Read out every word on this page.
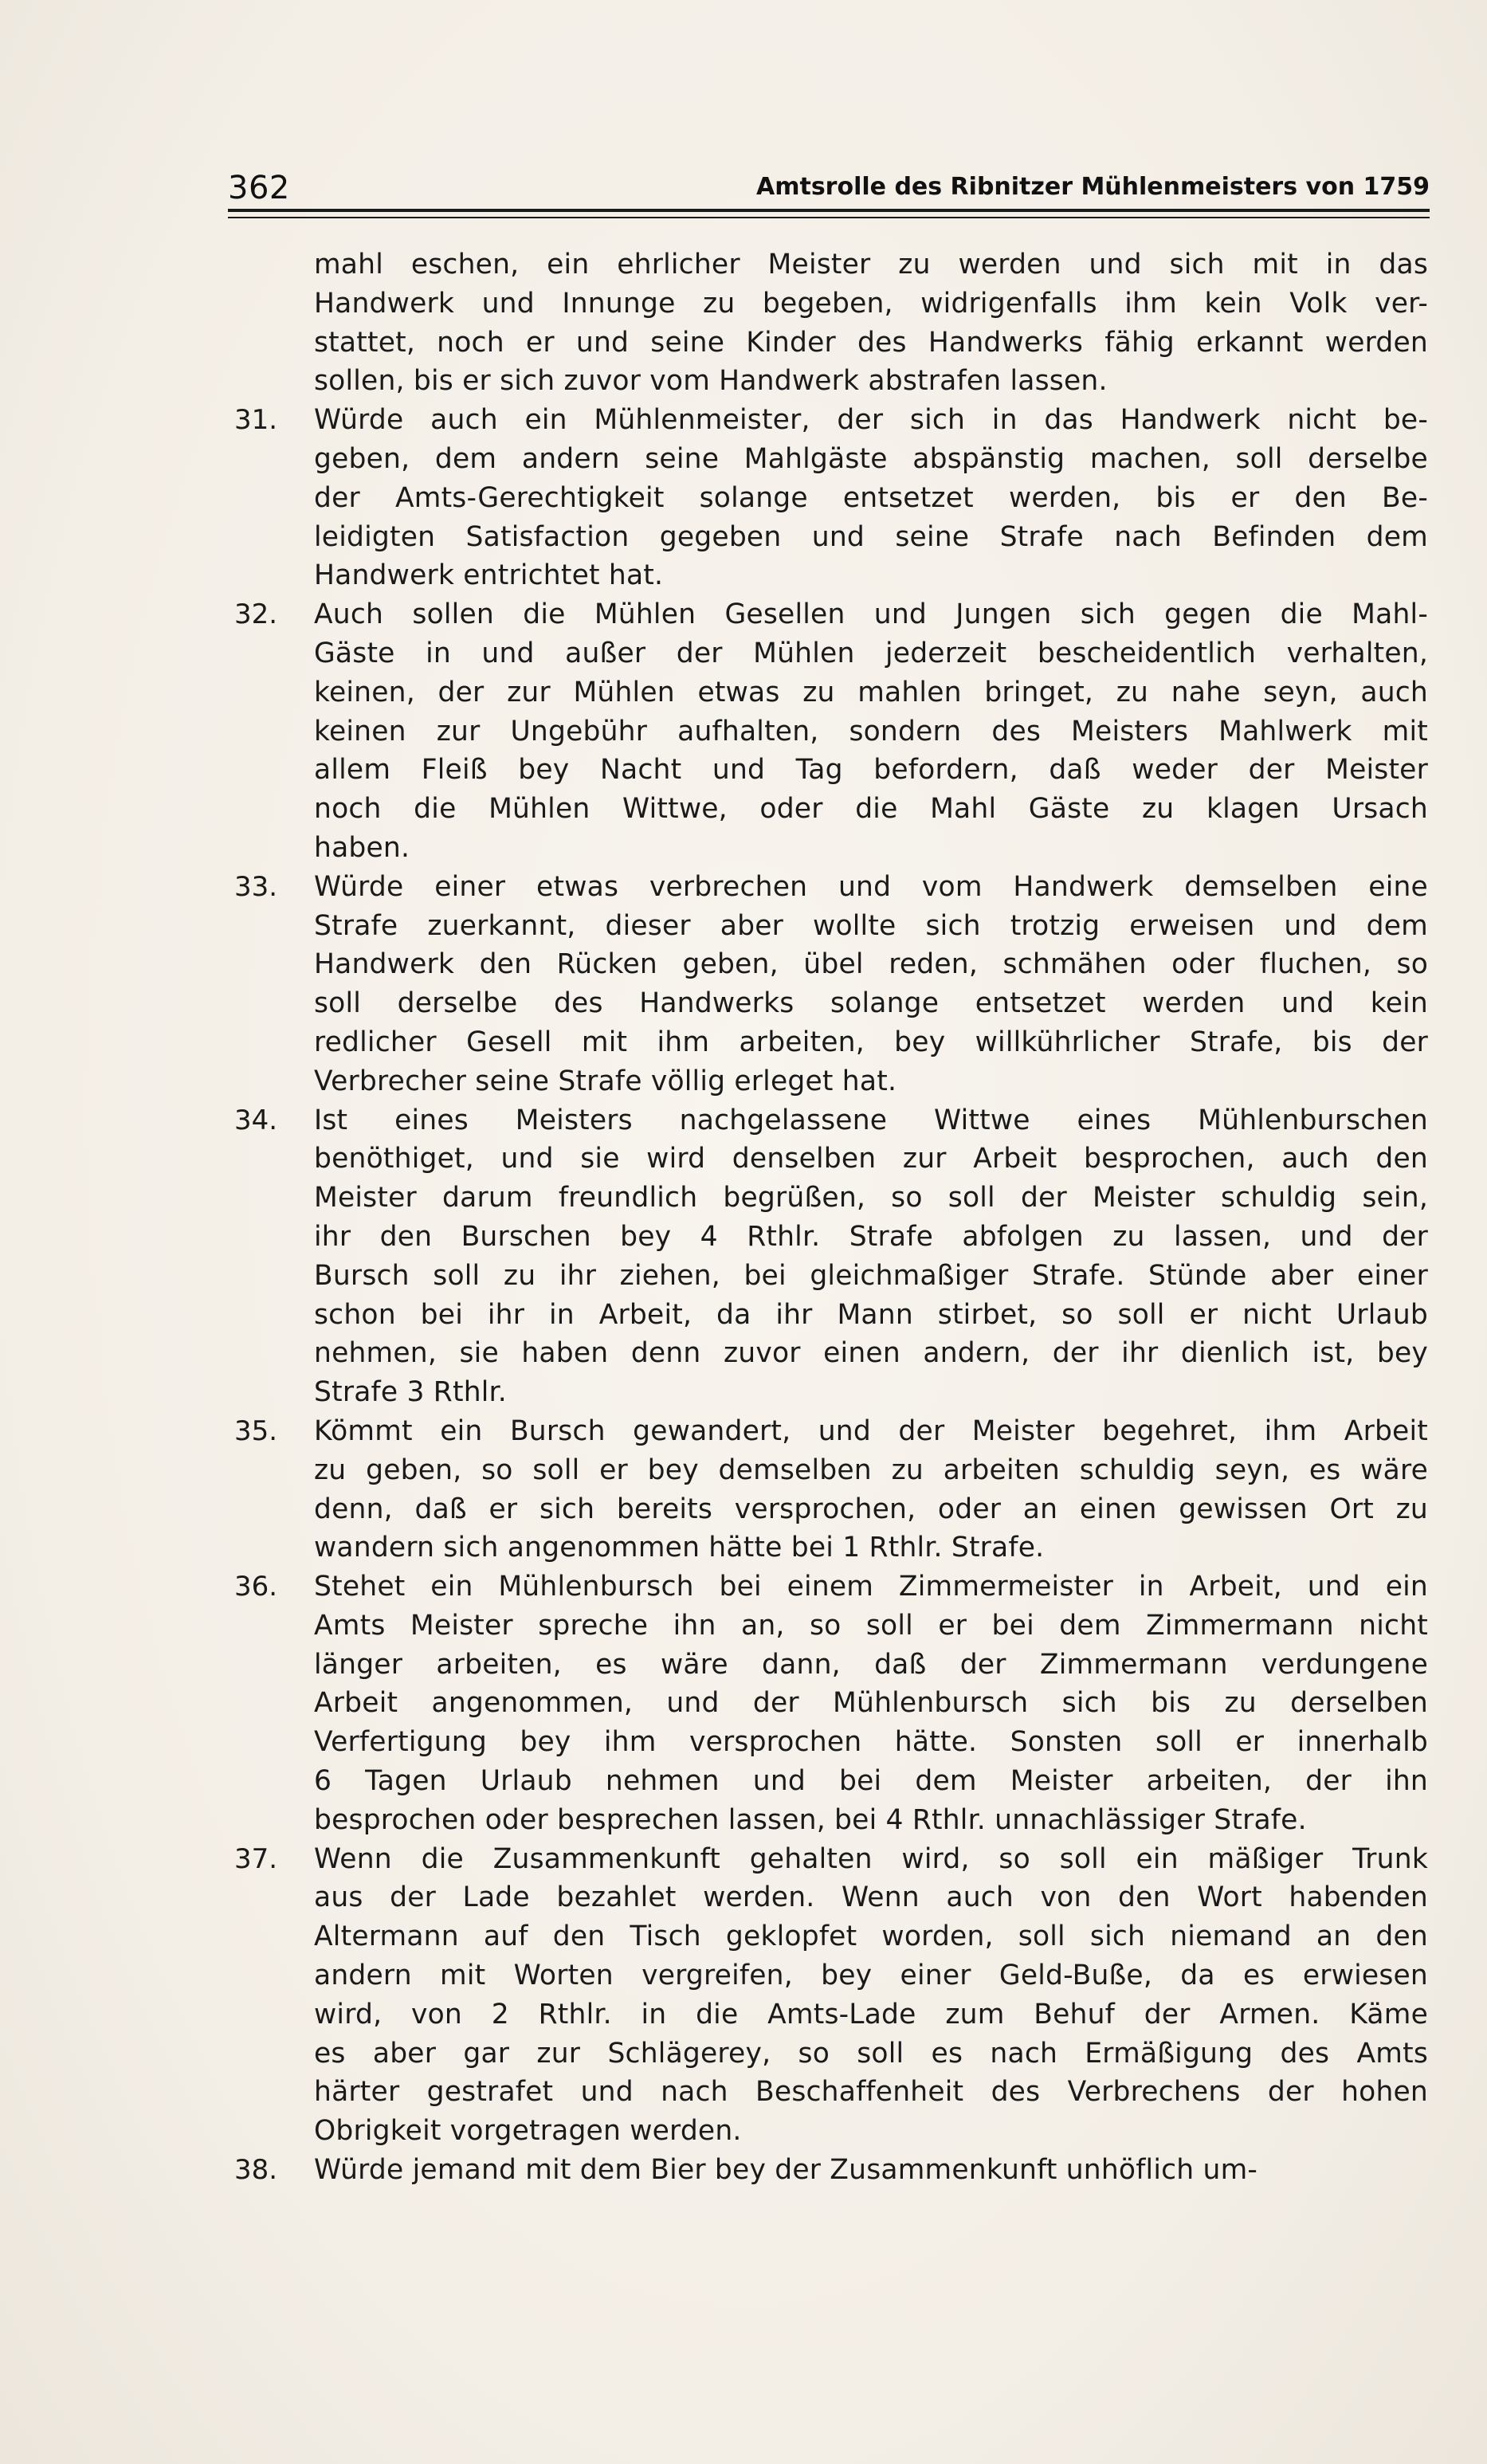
362	Amtsrolle des Ribnitzer Mühlenmeisters von 1759
mahl eschen, ein ehrlicher Meister zu werden und sich mit in das
Handwerk und Innunge zu begeben, widrigenfalls ihm kein Volk ver-
stattet, noch er und seine Kinder des Handwerks fähig erkannt werden
sollen, bis er sich zuvor vom Handwerk abstrafen lassen.
31. Würde auch ein Mühlenmeister, der sich in das Handwerk nicht be-
geben, dem andern seine Mahlgäste abspänstig machen, soll derselbe
der Amts-Gerechtigkeit solange entsetzet werden, bis er den Be-
leidigten Satisfaction gegeben und seine Strafe nach Befinden dem
Handwerk entrichtet hat.
32. Auch sollen die Mühlen Gesellen und Jungen sich gegen die Mahl-
Gäste in und außer der Mühlen jederzeit bescheidentlich verhalten,
keinen, der zur Mühlen etwas zu mahlen bringet, zu nahe seyn, auch
keinen zur Ungebühr aufhalten, sondern des Meisters Mahlwerk mit
allem Fleiß bey Nacht und Tag befordern, daß weder der Meister
noch die Mühlen Wittwe, oder die Mahl Gäste zu klagen Ursach
haben.
33. Würde einer etwas verbrechen und vom Handwerk demselben eine
Strafe zuerkannt, dieser aber wollte sich trotzig erweisen und dem
Handwerk den Rücken geben, übel reden, schmähen oder fluchen, so
soll derselbe des Handwerks solange entsetzet werden und kein
redlicher Gesell mit ihm arbeiten, bey willkührlicher Strafe, bis der
Verbrecher seine Strafe völlig erleget hat.
34. Ist eines Meisters nachgelassene Wittwe eines Mühlenburschen
benöthiget, und sie wird denselben zur Arbeit besprochen, auch den
Meister darum freundlich begrüßen, so soll der Meister schuldig sein,
ihr den Burschen bey 4 Rthlr. Strafe abfolgen zu lassen, und der
Bursch soll zu ihr ziehen, bei gleichmaßiger Strafe. Stünde aber einer
schon bei ihr in Arbeit, da ihr Mann stirbet, so soll er nicht Urlaub
nehmen, sie haben denn zuvor einen andern, der ihr dienlich ist, bey
Strafe 3 Rthlr.
35. Kömmt ein Bursch gewandert, und der Meister begehret, ihm Arbeit
zu geben, so soll er bey demselben zu arbeiten schuldig seyn, es wäre
denn, daß er sich bereits versprochen, oder an einen gewissen Ort zu
wandern sich angenommen hätte bei 1 Rthlr. Strafe.
36. Stehet ein Mühlenbursch bei einem Zimmermeister in Arbeit, und ein
Amts Meister spreche ihn an, so soll er bei dem Zimmermann nicht
länger arbeiten, es wäre dann, daß der Zimmermann verdungene
Arbeit angenommen, und der Mühlenbursch sich bis zu derselben
Verfertigung bey ihm versprochen hätte. Sonsten soll er innerhalb
6 Tagen Urlaub nehmen und bei dem Meister arbeiten, der ihn
besprochen oder besprechen lassen, bei 4 Rthlr. unnachlässiger Strafe.
37. Wenn die Zusammenkunft gehalten wird, so soll ein mäßiger Trunk
aus der Lade bezahlet werden. Wenn auch von den Wort habenden
Altermann auf den Tisch geklopfet worden, soll sich niemand an den
andern mit Worten vergreifen, bey einer Geld-Buße, da es erwiesen
wird, von 2 Rthlr. in die Amts-Lade zum Behuf der Armen. Käme
es aber gar zur Schlägerey, so soll es nach Ermäßigung des Amts
härter gestrafet und nach Beschaffenheit des Verbrechens der hohen
Obrigkeit vorgetragen werden.
38. Würde jemand mit dem Bier bey der Zusammenkunft unhöflich um-
